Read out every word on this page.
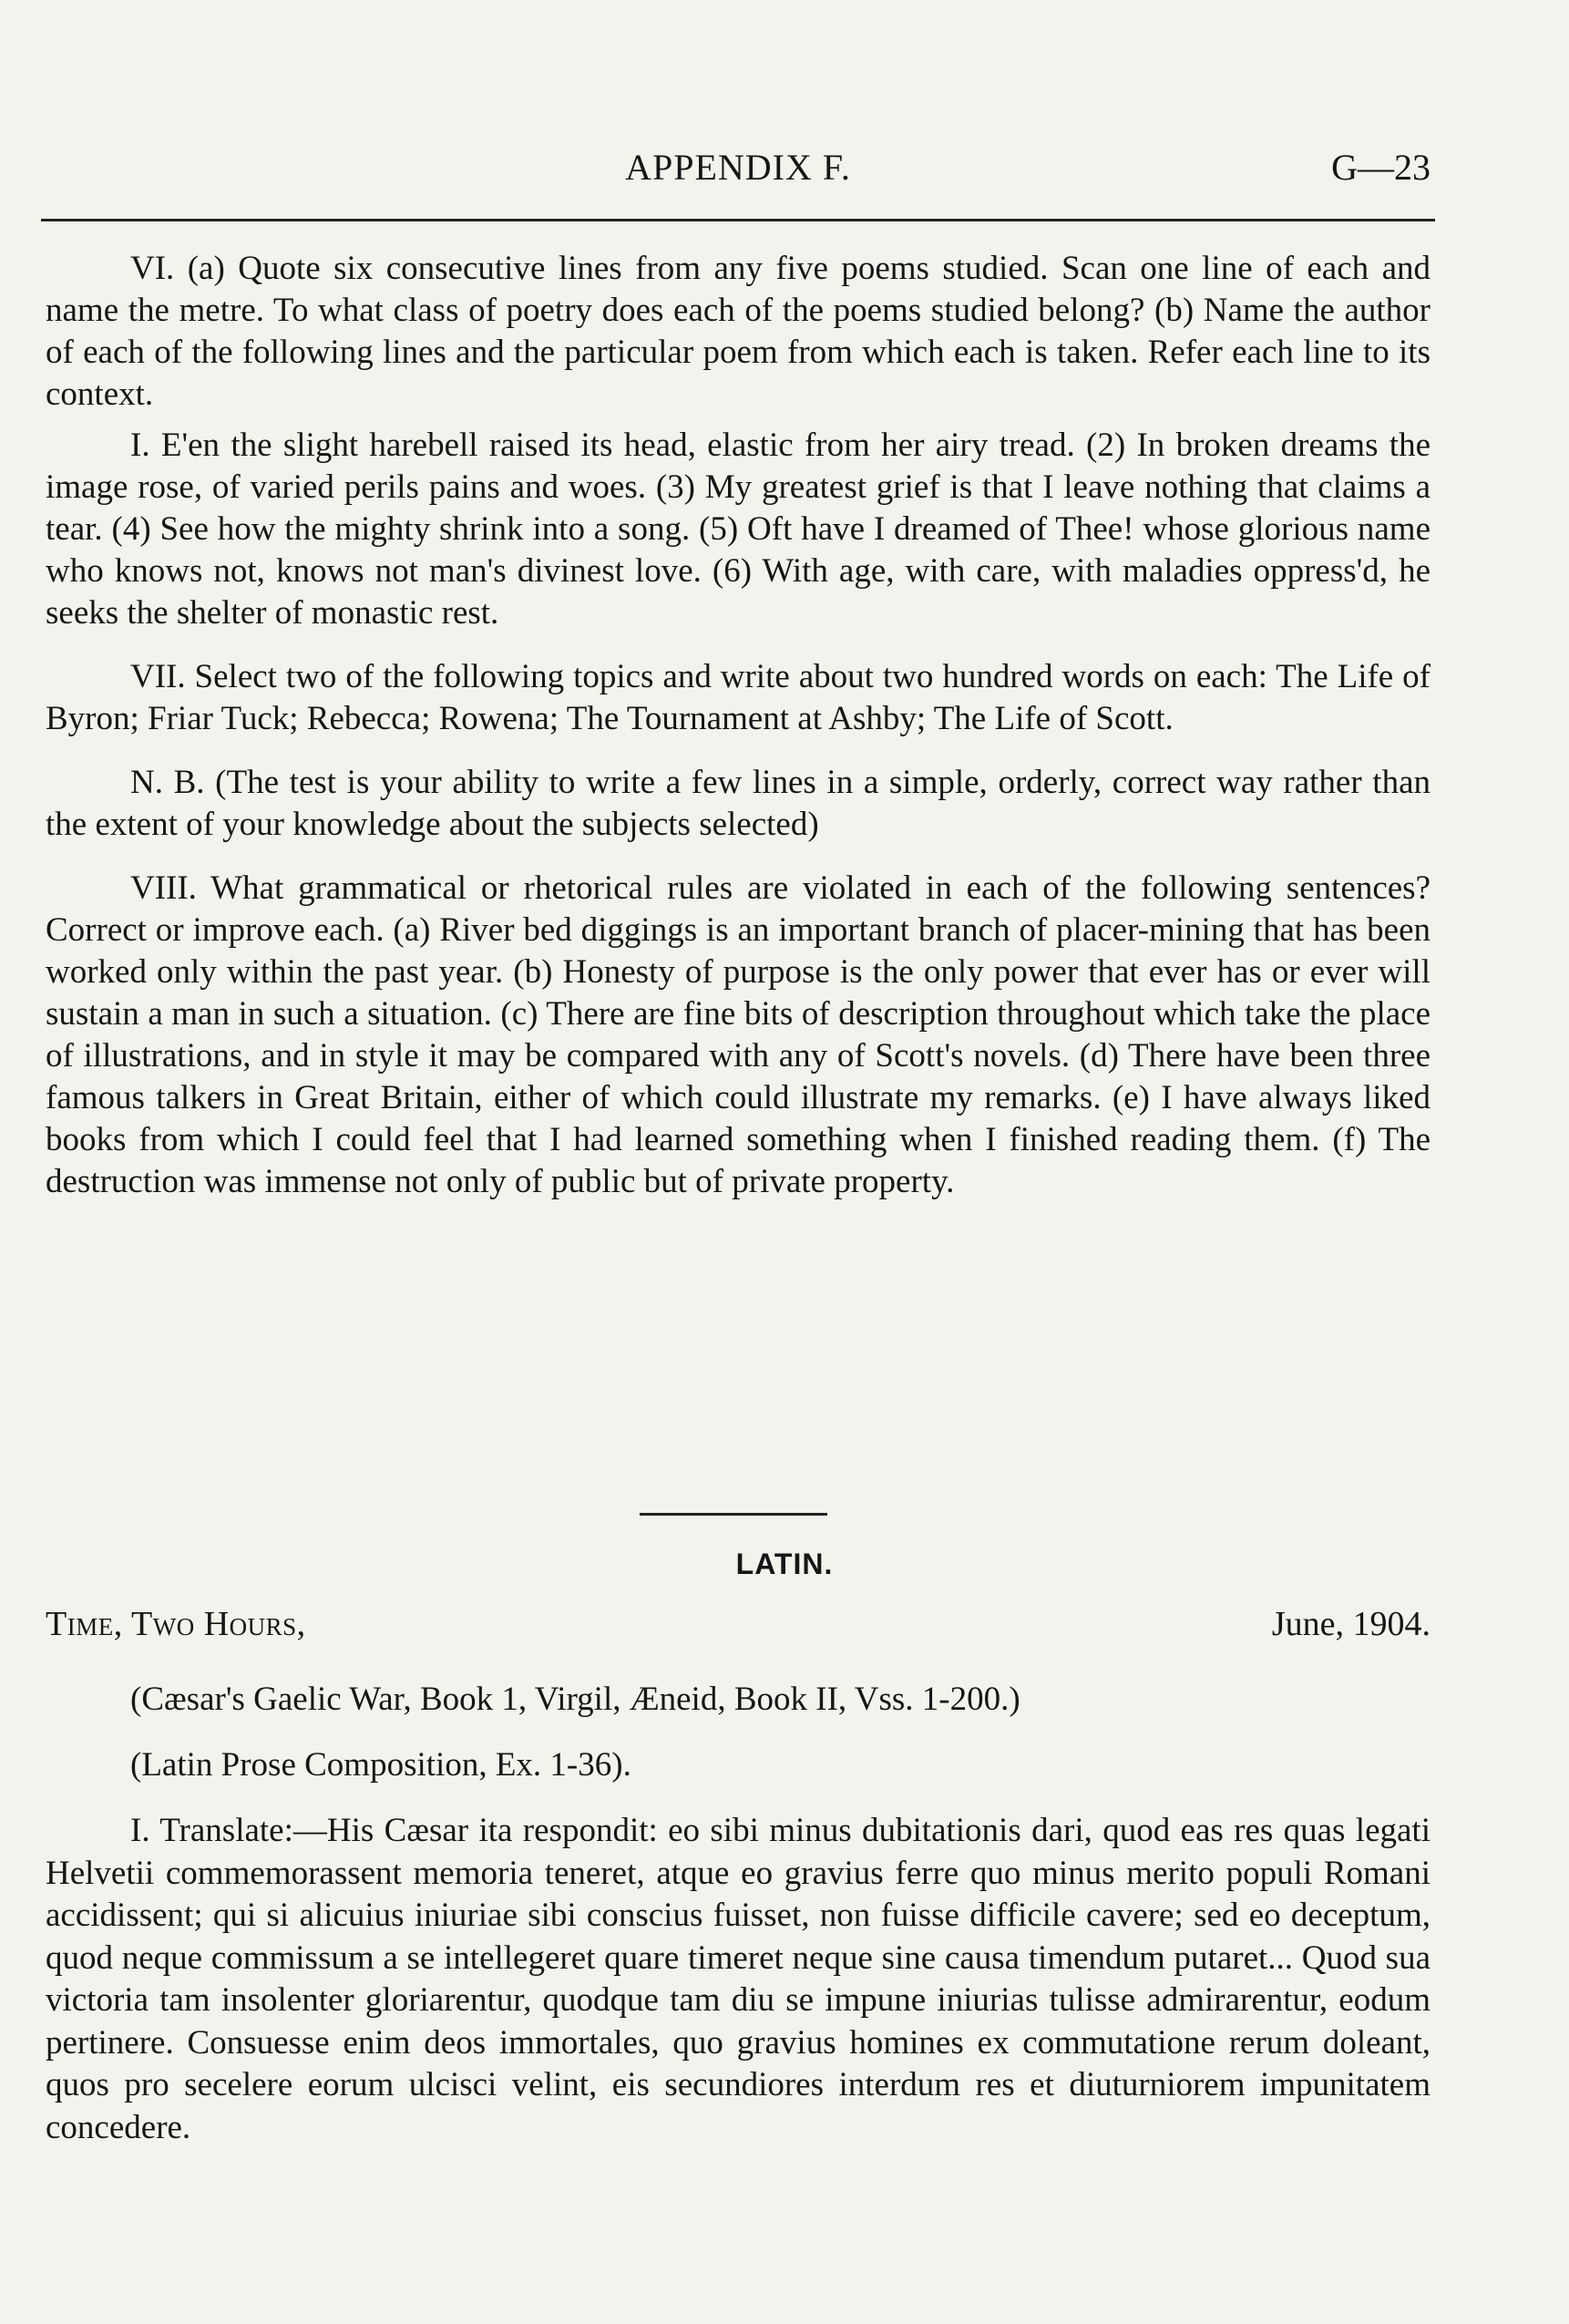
APPENDIX F.	G—23

VI. (a) Quote six consecutive lines from any five poems studied. Scan one line of each and name the metre. To what class of poetry does each of the poems studied belong? (b) Name the author of each of the following lines and the particular poem from which each is taken. Refer each line to its context.

I. E'en the slight harebell raised its head, elastic from her airy tread. (2) In broken dreams the image rose, of varied perils pains and woes. (3) My greatest grief is that I leave nothing that claims a tear. (4) See how the mighty shrink into a song. (5) Oft have I dreamed of Thee! whose glorious name who knows not, knows not man's divinest love. (6) With age, with care, with maladies oppress'd, he seeks the shelter of monastic rest.

VII. Select two of the following topics and write about two hundred words on each: The Life of Byron; Friar Tuck; Rebecca; Rowena; The Tournament at Ashby; The Life of Scott.

N. B. (The test is your ability to write a few lines in a simple, orderly, correct way rather than the extent of your knowledge about the subjects selected)

VIII. What grammatical or rhetorical rules are violated in each of the following sentences? Correct or improve each. (a) River bed diggings is an important branch of placer-mining that has been worked only within the past year. (b) Honesty of purpose is the only power that ever has or ever will sustain a man in such a situation. (c) There are fine bits of description throughout which take the place of illustrations, and in style it may be compared with any of Scott's novels. (d) There have been three famous talkers in Great Britain, either of which could illustrate my remarks. (e) I have always liked books from which I could feel that I had learned something when I finished reading them. (f) The destruction was immense not only of public but of private property.

LATIN.
Time, Two Hours,	June, 1904.

(Cæsar's Gaelic War, Book 1, Virgil, Æneid, Book II, Vss. 1-200.)

(Latin Prose Composition, Ex. 1-36).

I. Translate:—His Cæsar ita respondit: eo sibi minus dubitationis dari, quod eas res quas legati Helvetii commemorassent memoria teneret, atque eo gravius ferre quo minus merito populi Romani accidissent; qui si alicuius iniuriae sibi conscius fuisset, non fuisse difficile cavere; sed eo deceptum, quod neque commissum a se intellegeret quare timeret neque sine causa timendum putaret... Quod sua victoria tam insolenter gloriarentur, quodque tam diu se impune iniurias tulisse admirarentur, eodum pertinere. Consuesse enim deos immortales, quo gravius homines ex commutatione rerum doleant, quos pro secelere eorum ulcisci velint, eis secundiores interdum res et diuturniorem impunitatem concedere.
